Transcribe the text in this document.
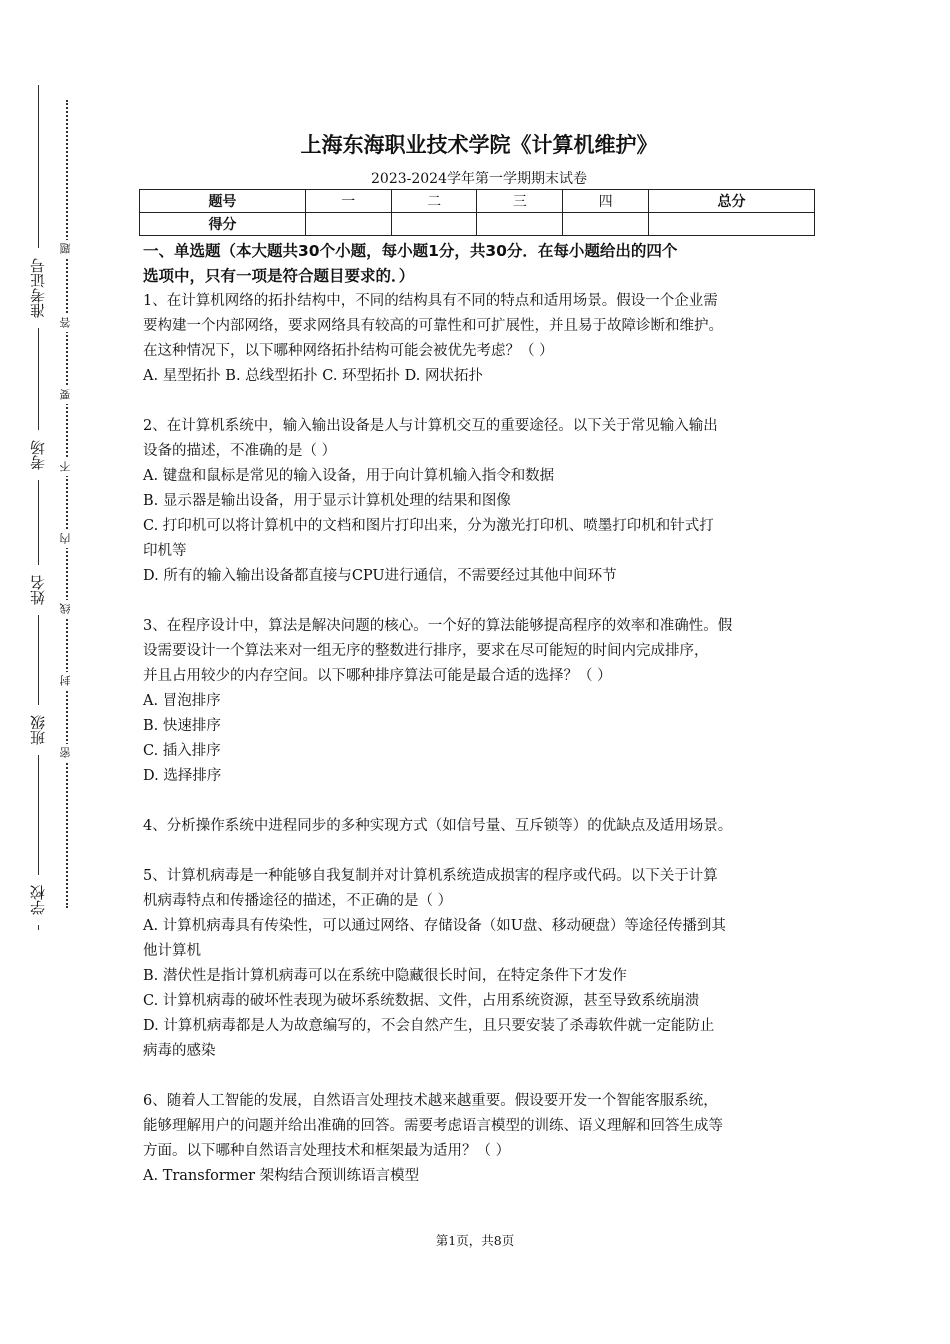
准考证号
考场
姓名
班级
学校
题
答
要
不
内
线
封
密
上海东海职业技术学院《计算机维护》
2023-2024学年第一学期期末试卷
题号	一	二	三	四	总分
得分					
一、单选题（本大题共30个小题，每小题1分，共30分．在每小题给出的四个
选项中，只有一项是符合题目要求的．）

1、在计算机网络的拓扑结构中，不同的结构具有不同的特点和适用场景。假设一个企业需

要构建一个内部网络，要求网络具有较高的可靠性和可扩展性，并且易于故障诊断和维护。

在这种情况下，以下哪种网络拓扑结构可能会被优先考虑？（ ）

A. 星型拓扑 B. 总线型拓扑 C. 环型拓扑 D. 网状拓扑

2、在计算机系统中，输入输出设备是人与计算机交互的重要途径。以下关于常见输入输出

设备的描述，不准确的是（ ）

A. 键盘和鼠标是常见的输入设备，用于向计算机输入指令和数据

B. 显示器是输出设备，用于显示计算机处理的结果和图像

C. 打印机可以将计算机中的文档和图片打印出来，分为激光打印机、喷墨打印机和针式打

印机等

D. 所有的输入输出设备都直接与CPU进行通信，不需要经过其他中间环节

3、在程序设计中，算法是解决问题的核心。一个好的算法能够提高程序的效率和准确性。假

设需要设计一个算法来对一组无序的整数进行排序，要求在尽可能短的时间内完成排序，

并且占用较少的内存空间。以下哪种排序算法可能是最合适的选择？（ ）

A. 冒泡排序

B. 快速排序

C. 插入排序

D. 选择排序

4、分析操作系统中进程同步的多种实现方式（如信号量、互斥锁等）的优缺点及适用场景。

5、计算机病毒是一种能够自我复制并对计算机系统造成损害的程序或代码。以下关于计算

机病毒特点和传播途径的描述，不正确的是（ ）

A. 计算机病毒具有传染性，可以通过网络、存储设备（如U盘、移动硬盘）等途径传播到其

他计算机

B. 潜伏性是指计算机病毒可以在系统中隐藏很长时间，在特定条件下才发作

C. 计算机病毒的破坏性表现为破坏系统数据、文件，占用系统资源，甚至导致系统崩溃

D. 计算机病毒都是人为故意编写的，不会自然产生，且只要安装了杀毒软件就一定能防止

病毒的感染

6、随着人工智能的发展，自然语言处理技术越来越重要。假设要开发一个智能客服系统，

能够理解用户的问题并给出准确的回答。需要考虑语言模型的训练、语义理解和回答生成等

方面。以下哪种自然语言处理技术和框架最为适用？（ ）

A. Transformer 架构结合预训练语言模型

第1页，共8页
